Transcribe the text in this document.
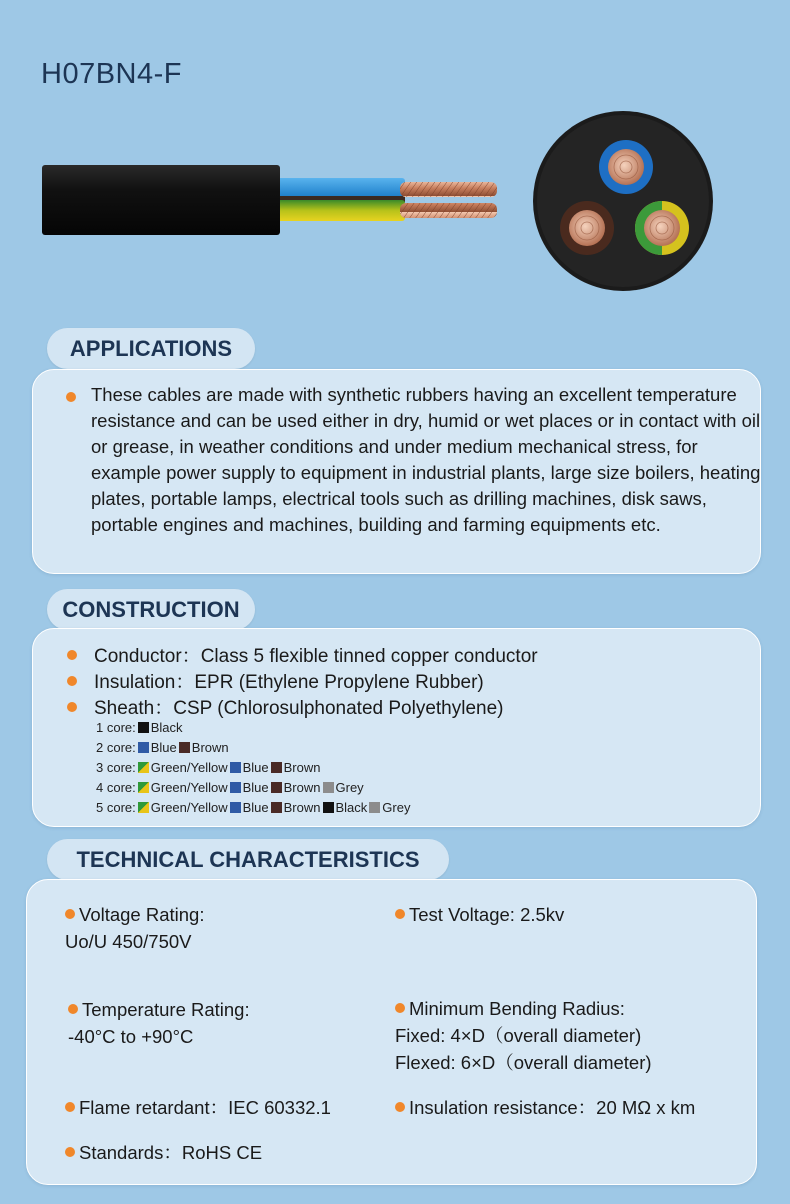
H07BN4-F
APPLICATIONS
These cables are made with synthetic rubbers having an excellent temperature resistance and can be used either in dry, humid or wet places or in contact with oil or grease, in weather conditions and under medium mechanical stress, for example power supply to equipment in industrial plants, large size boilers, heating plates, portable lamps, electrical tools such as drilling machines, disk saws, portable engines and machines, building and farming equipments etc.
CONSTRUCTION
Conductor：Class 5 flexible tinned copper conductor
Insulation：EPR (Ethylene Propylene Rubber)
Sheath：CSP (Chlorosulphonated Polyethylene)
1 core: Black
2 core: Blue Brown
3 core: Green/Yellow Blue Brown
4 core: Green/Yellow Blue Brown Grey
5 core: Green/Yellow Blue Brown Black Grey
TECHNICAL CHARACTERISTICS
Voltage Rating:
Uo/U 450/750V
Test Voltage: 2.5kv
Temperature Rating:
-40°C to +90°C
Minimum Bending Radius:
Fixed: 4×D（overall diameter)
Flexed: 6×D（overall diameter)
Flame retardant：IEC 60332.1	Insulation resistance：20 MΩ x km
Standards：RoHS CE
